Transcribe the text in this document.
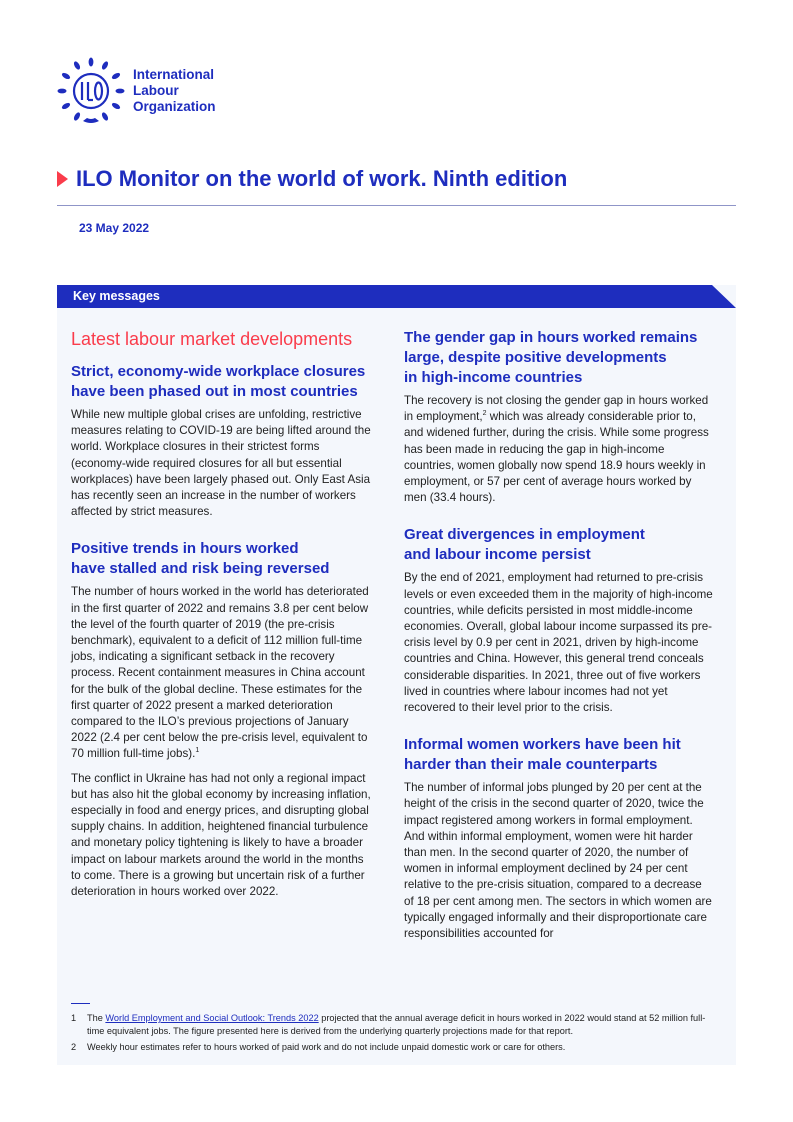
International
Labour
Organization
ILO Monitor on the world of work. Ninth edition
23 May 2022
Key messages
Latest labour market developments
Strict, economy-wide workplace closures
have been phased out in most countries

While new multiple global crises are unfolding, restrictive measures relating to COVID-19 are being lifted around the world. Workplace closures in their strictest forms (economy-wide required closures for all but essential workplaces) have been largely phased out. Only East Asia has recently seen an increase in the number of workers affected by strict measures.

Positive trends in hours worked
have stalled and risk being reversed

The number of hours worked in the world has deteriorated in the first quarter of 2022 and remains 3.8 per cent below the level of the fourth quarter of 2019 (the pre-crisis benchmark), equivalent to a deficit of 112 million full-time jobs, indicating a significant setback in the recovery process. Recent containment measures in China account for the bulk of the global decline. These estimates for the first quarter of 2022 present a marked deterioration compared to the ILO’s previous projections of January 2022 (2.4 per cent below the pre-crisis level, equivalent to 70 million full-time jobs).$^1$

The conflict in Ukraine has had not only a regional impact but has also hit the global economy by increasing inflation, especially in food and energy prices, and disrupting global supply chains. In addition, heightened financial turbulence and monetary policy tightening is likely to have a broader impact on labour markets around the world in the months to come. There is a growing but uncertain risk of a further deterioration in hours worked over 2022.

The gender gap in hours worked remains
large, despite positive developments
in high-income countries

The recovery is not closing the gender gap in hours worked in employment,$^2$ which was already considerable prior to, and widened further, during the crisis. While some progress has been made in reducing the gap in high-income countries, women globally now spend 18.9 hours weekly in employment, or 57 per cent of average hours worked by men (33.4 hours).

Great divergences in employment
and labour income persist

By the end of 2021, employment had returned to pre-crisis levels or even exceeded them in the majority of high-income countries, while deficits persisted in most middle-income economies. Overall, global labour income surpassed its pre-crisis level by 0.9 per cent in 2021, driven by high-income countries and China. However, this general trend conceals considerable disparities. In 2021, three out of five workers lived in countries where labour incomes had not yet recovered to their level prior to the crisis.

Informal women workers have been hit
harder than their male counterparts

The number of informal jobs plunged by 20 per cent at the height of the crisis in the second quarter of 2020, twice the impact registered among workers in formal employment. And within informal employment, women were hit harder than men. In the second quarter of 2020, the number of women in informal employment declined by 24 per cent relative to the pre-crisis situation, compared to a decrease of 18 per cent among men. The sectors in which women are typically engaged informally and their disproportionate care responsibilities accounted for

1	The World Employment and Social Outlook: Trends 2022 projected that the annual average deficit in hours worked in 2022 would stand at 52 million full-time equivalent jobs. The figure presented here is derived from the underlying quarterly projections made for that report.
2	Weekly hour estimates refer to hours worked of paid work and do not include unpaid domestic work or care for others.
